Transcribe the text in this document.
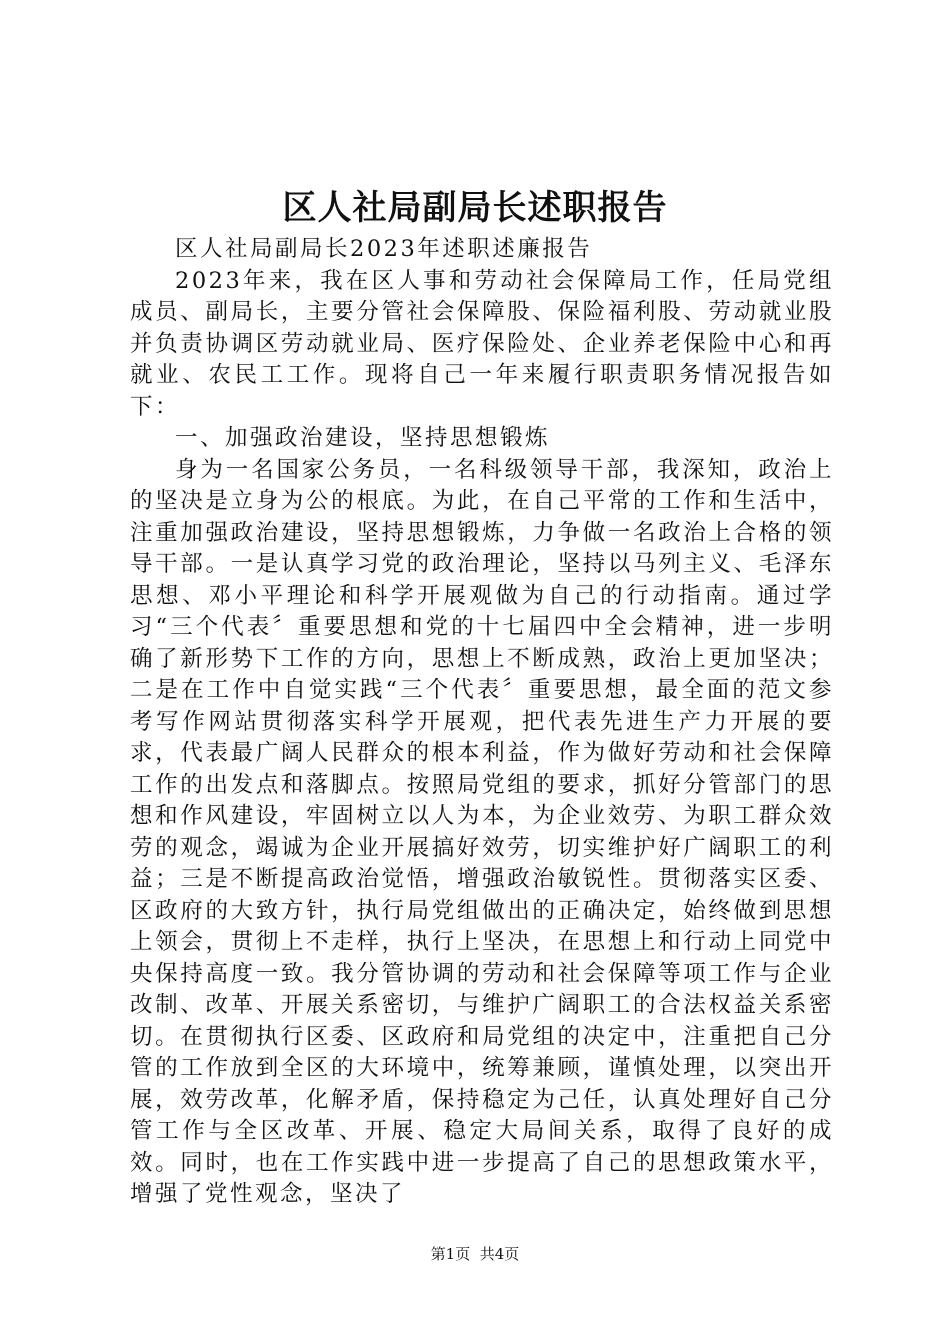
区人社局副局长述职报告

区人社局副局长2023年述职述廉报告

2023年来，我在区人事和劳动社会保障局工作，任局党组成员、副局长，主要分管社会保障股、保险福利股、劳动就业股并负责协调区劳动就业局、医疗保险处、企业养老保险中心和再就业、农民工工作。现将自己一年来履行职责职务情况报告如下：

一、加强政治建设，坚持思想锻炼

身为一名国家公务员，一名科级领导干部，我深知，政治上的坚决是立身为公的根底。为此，在自己平常的工作和生活中，注重加强政治建设，坚持思想锻炼，力争做一名政治上合格的领导干部。一是认真学习党的政治理论，坚持以马列主义、毛泽东思想、邓小平理论和科学开展观做为自己的行动指南。通过学习“三个代表〞重要思想和党的十七届四中全会精神，进一步明确了新形势下工作的方向，思想上不断成熟，政治上更加坚决；二是在工作中自觉实践“三个代表〞重要思想，最全面的范文参考写作网站贯彻落实科学开展观，把代表先进生产力开展的要求，代表最广阔人民群众的根本利益，作为做好劳动和社会保障工作的出发点和落脚点。按照局党组的要求，抓好分管部门的思想和作风建设，牢固树立以人为本，为企业效劳、为职工群众效劳的观念，竭诚为企业开展搞好效劳，切实维护好广阔职工的利益；三是不断提高政治觉悟，增强政治敏锐性。贯彻落实区委、区政府的大致方针，执行局党组做出的正确决定，始终做到思想上领会，贯彻上不走样，执行上坚决，在思想上和行动上同党中央保持高度一致。我分管协调的劳动和社会保障等项工作与企业改制、改革、开展关系密切，与维护广阔职工的合法权益关系密切。在贯彻执行区委、区政府和局党组的决定中，注重把自己分管的工作放到全区的大环境中，统筹兼顾，谨慎处理，以突出开展，效劳改革，化解矛盾，保持稳定为己任，认真处理好自己分管工作与全区改革、开展、稳定大局间关系，取得了良好的成效。同时，也在工作实践中进一步提高了自己的思想政策水平，增强了党性观念，坚决了

第1页 共4页
